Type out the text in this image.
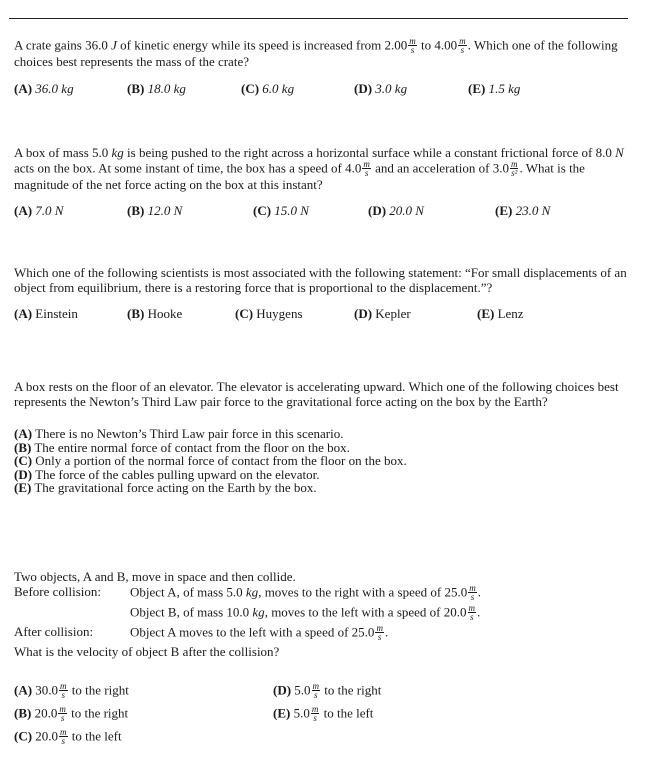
A crate gains 36.0 J of kinetic energy while its speed is increased from $2.00 \frac{m}{s}$ to $4.00 \frac{m}{s}$ . Which one of the following choices best represents the mass of the crate?
(A) 36.0 kg	(B) 18.0 kg	(C) 6.0 kg	(D) 3.0 kg	(E) 1.5 kg
A box of mass 5.0 kg is being pushed to the right across a horizontal surface while a constant frictional force of 8.0 N acts on the box. At some instant of time, the box has a speed of $4.0 \frac{m}{s}$ and an acceleration of $3.0 \frac{m}{\text{s²}}$ . What is the magnitude of the net force acting on the box at this instant?
(A) 7.0 N	(B) 12.0 N	(C) 15.0 N	(D) 20.0 N	(E) 23.0 N
Which one of the following scientists is most associated with the following statement: “For small displacements of an object from equilibrium, there is a restoring force that is proportional to the displacement.”?
(A) Einstein	(B) Hooke	(C) Huygens	(D) Kepler	(E) Lenz
A box rests on the floor of an elevator. The elevator is accelerating upward. Which one of the following choices best represents the Newton’s Third Law pair force to the gravitational force acting on the box by the Earth?
(A) There is no Newton’s Third Law pair force in this scenario.
(B) The entire normal force of contact from the floor on the box.
(C) Only a portion of the normal force of contact from the floor on the box.
(D) The force of the cables pulling upward on the elevator.
(E) The gravitational force acting on the Earth by the box.
Two objects, A and B, move in space and then collide.
Before collision: Object A, of mass 5.0 kg, moves to the right with a speed of $25.0 \frac{m}{s}$ .
Object B, of mass 10.0 kg, moves to the left with a speed of $20.0 \frac{m}{s}$ .
After collision:	Object A moves to the left with a speed of $25.0 \frac{m}{s}$ .
What is the velocity of object B after the collision?
(A) $30.0 \frac{m}{s}$ to the right
(B) $20.0 \frac{m}{s}$ to the right
(C) $20.0 \frac{m}{s}$ to the left
(D) $5.0 \frac{m}{s}$ to the right
(E) $5.0 \frac{m}{s}$ to the left
